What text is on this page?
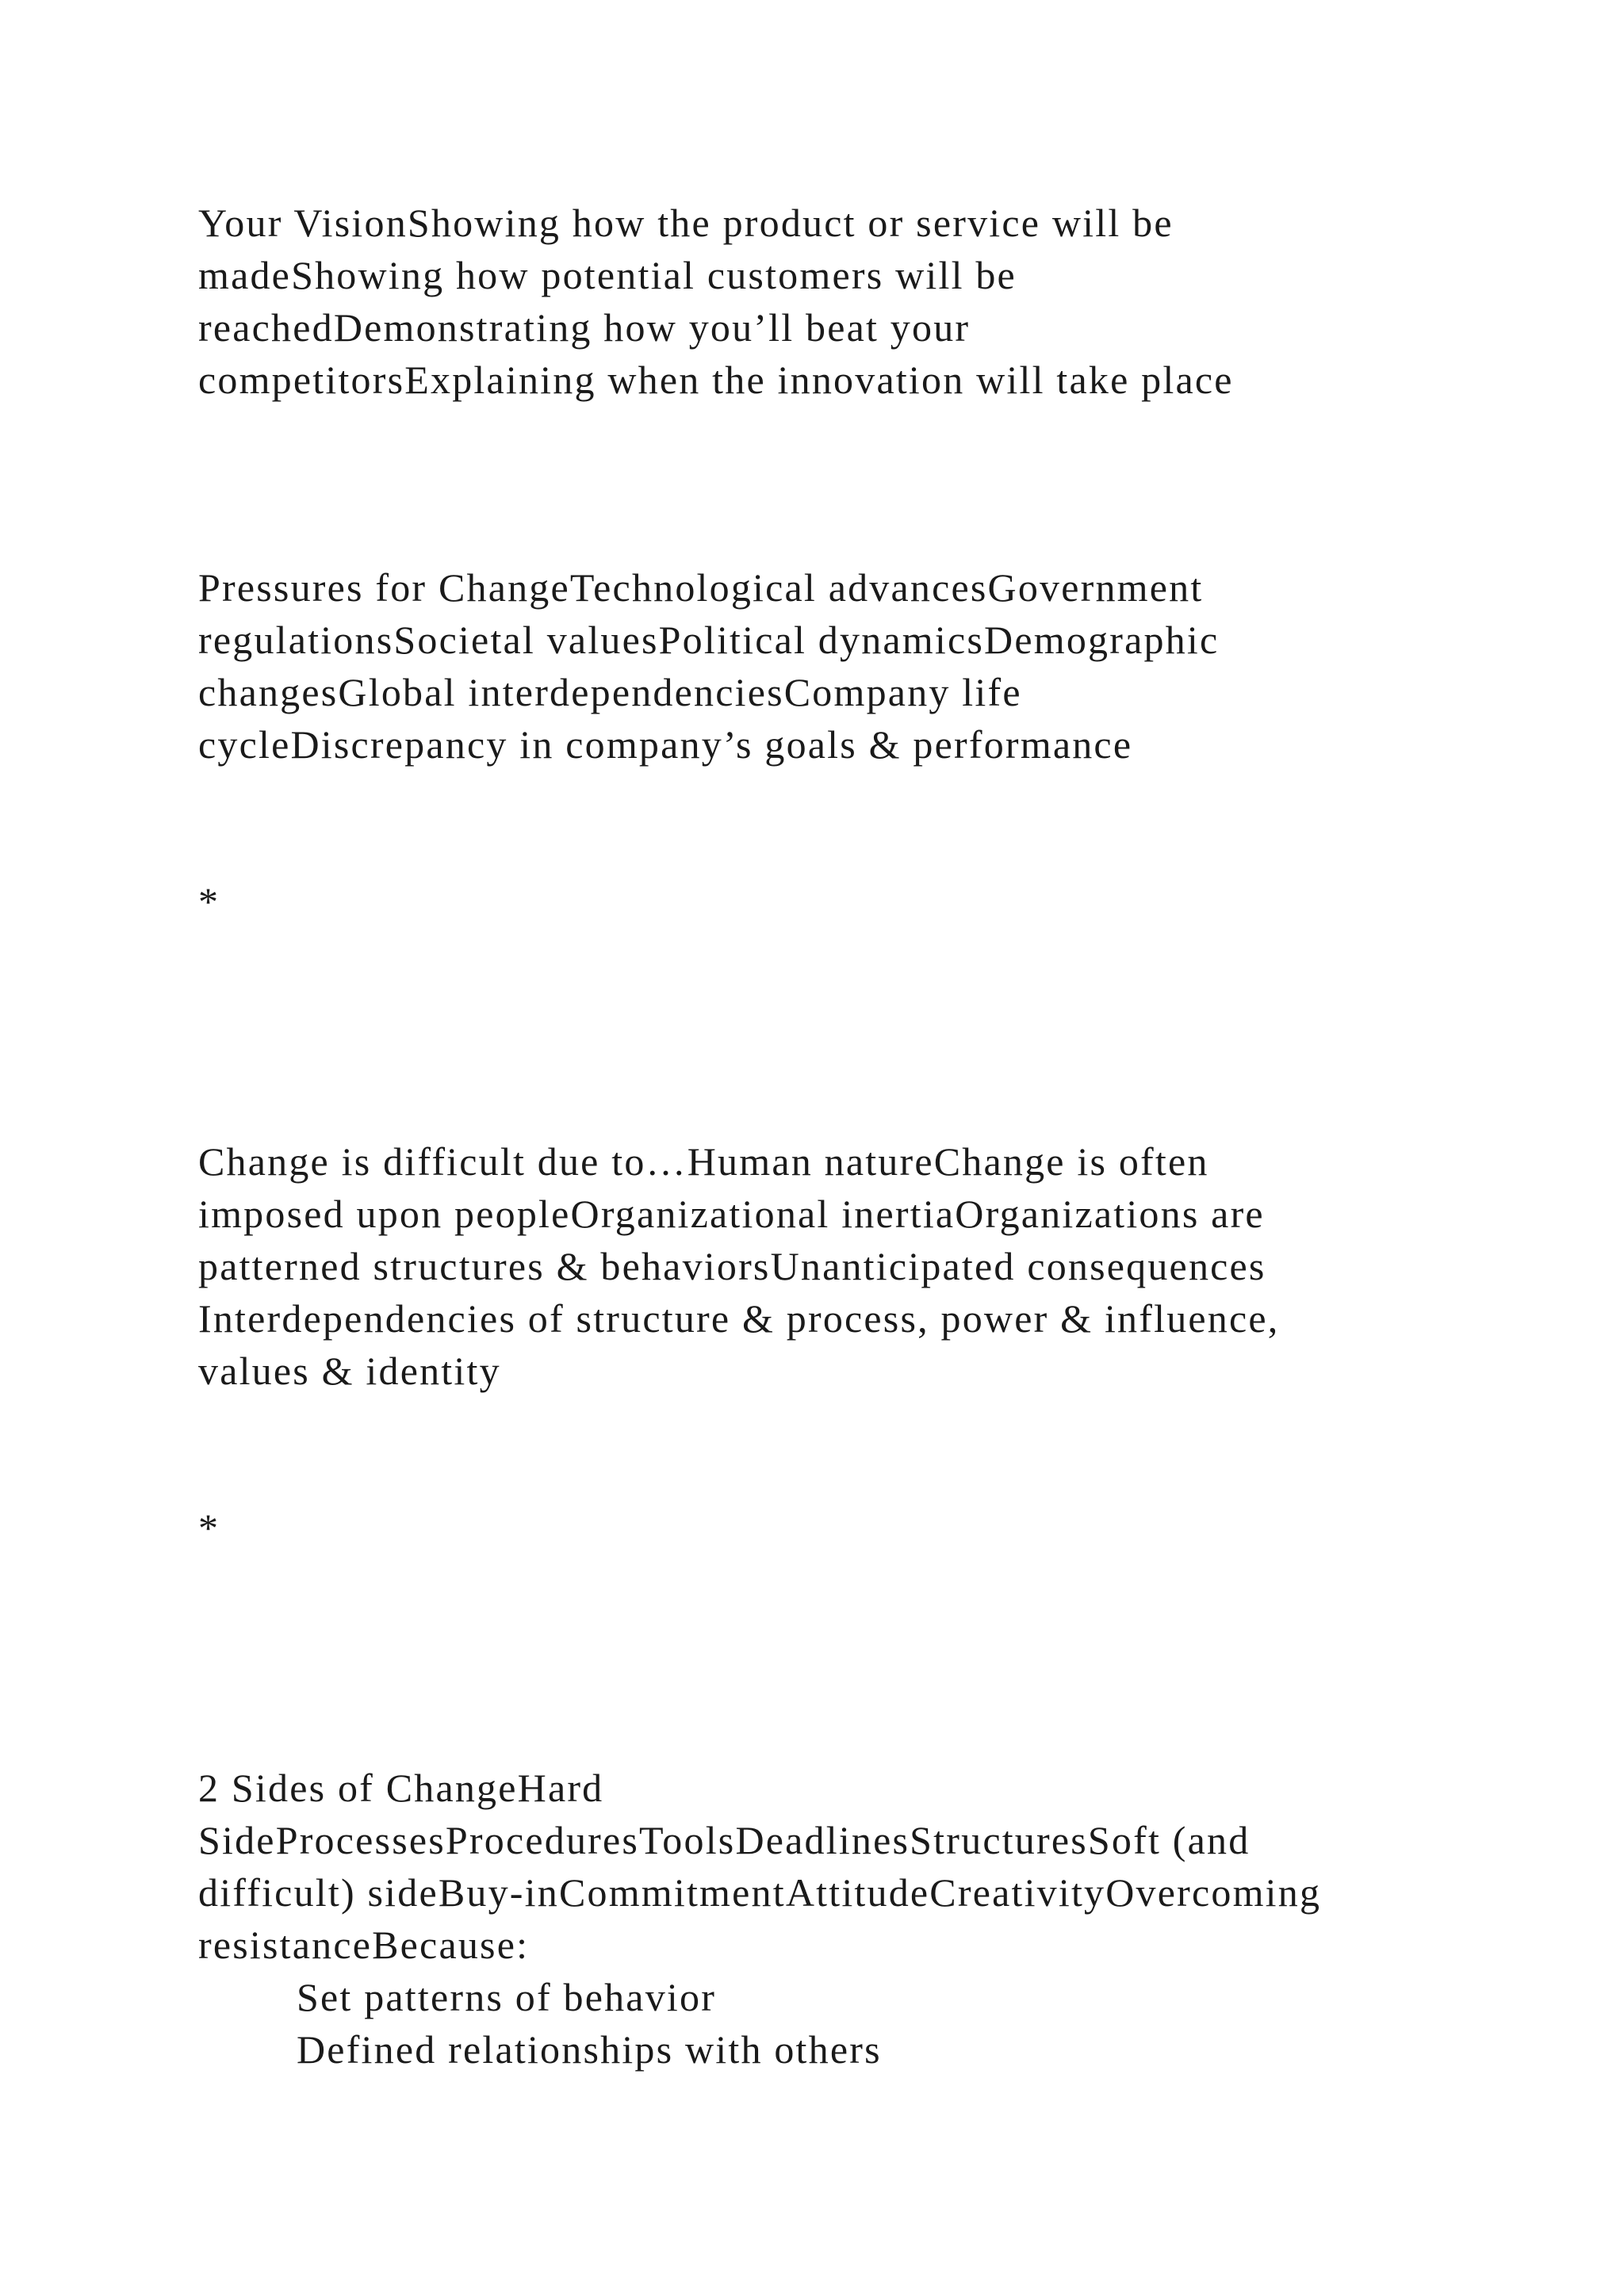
Your VisionShowing how the product or service will be
madeShowing how potential customers will be
reachedDemonstrating how you’ll beat your
competitorsExplaining when the innovation will take place
Pressures for ChangeTechnological advancesGovernment
regulationsSocietal valuesPolitical dynamicsDemographic
changesGlobal interdependenciesCompany life
cycleDiscrepancy in company’s goals & performance
*
Change is difficult due to…Human natureChange is often
imposed upon peopleOrganizational inertiaOrganizations are
patterned structures & behaviorsUnanticipated consequences
Interdependencies of structure & process, power & influence,
values & identity
*
2 Sides of ChangeHard
SideProcessesProceduresToolsDeadlinesStructuresSoft (and
difficult) sideBuy-inCommitmentAttitudeCreativityOvercoming
resistanceBecause:
Set patterns of behavior
Defined relationships with others
